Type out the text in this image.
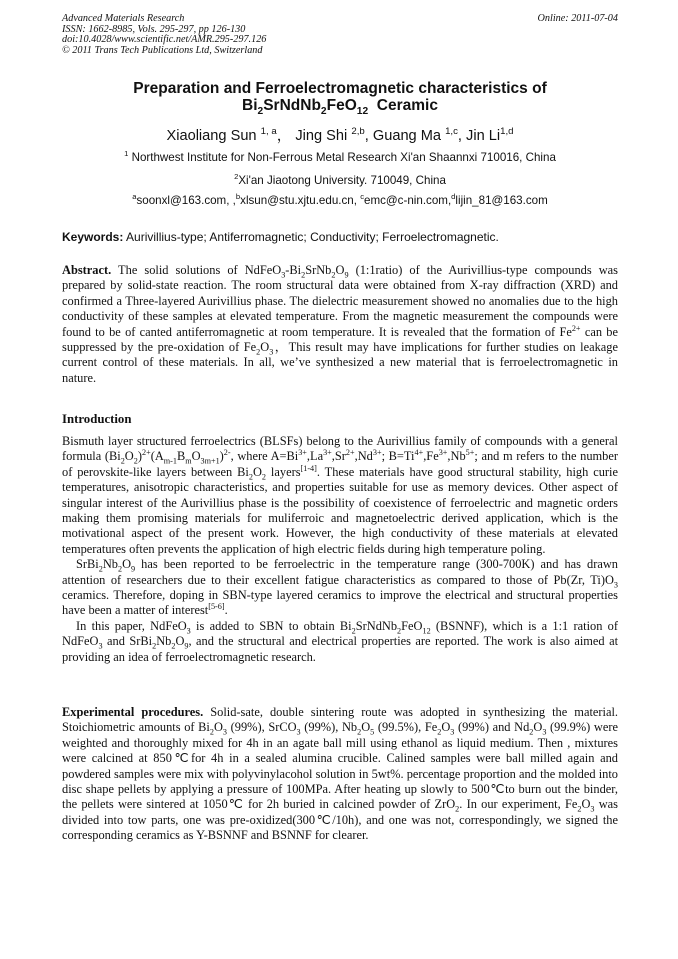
Advanced Materials Research
ISSN: 1662-8985, Vols. 295-297, pp 126-130
doi:10.4028/www.scientific.net/AMR.295-297.126
© 2011 Trans Tech Publications Ltd, Switzerland
Online: 2011-07-04
Preparation and Ferroelectromagnetic characteristics of
$Bi_2SrNdNb_2FeO_{12}$ Ceramic
Xiaoliang Sun $^{1, a}$， Jing Shi $^{2,b}$, Guang Ma $^{1,c}$, Jin Li$^{1,d}$
$^1$ Northwest Institute for Non-Ferrous Metal Research Xi'an Shaannxi 710016, China
$^2$Xi'an Jiaotong University. 710049, China
$^a$soonxl@163.com, ,$^b$xlsun@stu.xjtu.edu.cn, $^c$emc@c-nin.com,$^d$lijin_81@163.com
Keywords: Aurivillius-type; Antiferromagnetic; Conductivity; Ferroelectromagnetic.

Abstract. The solid solutions of $NdFeO_3-Bi_2SrNb_2O_9$ (1:1ratio) of the Aurivillius-type compounds was prepared by solid-state reaction. The room structural data were obtained from X-ray diffraction (XRD) and confirmed a Three-layered Aurivillius phase. The dielectric measurement showed no anomalies due to the high conductivity of these samples at elevated temperature. From the magnetic measurement the compounds were found to be of canted antiferromagnetic at room temperature. It is revealed that the formation of $Fe^{2+}$ can be suppressed by the pre-oxidation of $Fe_2O_3$，This result may have implications for further studies on leakage current control of these materials. In all, we’ve synthesized a new material that is ferroelectromagnetic in nature.

Introduction

Bismuth layer structured ferroelectrics (BLSFs) belong to the Aurivillius family of compounds with a general formula $(Bi_2O_2)^{2+}(A_{m-1}B_mO_{3m+1})^{2-}$, where $A=Bi^{3+},La^{3+},Sr^{2+},Nd^{3+}$; $B=Ti^{4+},Fe^{3+},Nb^{5+}$; and m refers to the number of perovskite-like layers between $Bi_2O_2$ layers[1-4]. These materials have good structural stability, high curie temperatures, anisotropic characteristics, and properties suitable for use as memory devices. Other aspect of singular interest of the Aurivillius phase is the possibility of coexistence of ferroelectric and magnetic orders making them promising materials for muliferroic and magnetoelectric derived application, which is the motivational aspect of the present work. However, the high conductivity of these materials at elevated temperatures often prevents the application of high electric fields during high temperature poling.

$SrBi_2Nb_2O_9$ has been reported to be ferroelectric in the temperature range (300-700K) and has drawn attention of researchers due to their excellent fatigue characteristics as compared to those of Pb(Zr, $Ti)O_3$ ceramics. Therefore, doping in SBN-type layered ceramics to improve the electrical and structural properties have been a matter of interest[5-6].

In this paper, NdFeO$_3$ is added to SBN to obtain $Bi_2SrNdNb_2FeO_{12}$ (BSNNF), which is a 1:1 ration of NdFeO$_3$ and $SrBi_2Nb_2O_9$, and the structural and electrical properties are reported. The work is also aimed at providing an idea of ferroelectromagnetic research.

Experimental procedures. Solid-sate, double sintering route was adopted in synthesizing the material. Stoichiometric amounts of $Bi_2O_3$ (99%), SrCO$_3$ (99%), $Nb_2O_5$ (99.5%), $Fe_2O_3$ (99%) and $Nd_2O_3$ (99.9%) were weighted and thoroughly mixed for 4h in an agate ball mill using ethanol as liquid medium. Then , mixtures were calcined at 850℃for 4h in a sealed alumina crucible. Calined samples were ball milled again and powdered samples were mix with polyvinylacohol solution in 5wt%. percentage proportion and the molded into disc shape pellets by applying a pressure of 100MPa. After heating up slowly to 500℃to burn out the binder, the pellets were sintered at 1050℃ for 2h buried in calcined powder of ZrO$_2$. In our experiment, $Fe_2O_3$ was divided into tow parts, one was pre-oxidized(300℃/10h), and one was not, correspondingly, we signed the corresponding ceramics as Y-BSNNF and BSNNF for clearer.
